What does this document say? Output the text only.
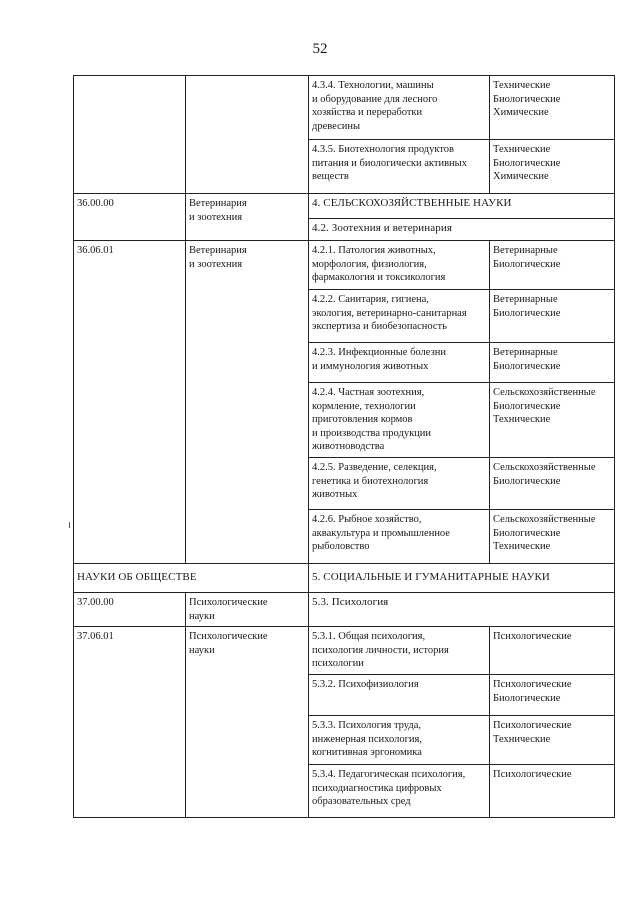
52

		4.3.4. Технологии, машины
и оборудование для лесного
хозяйства и переработки
древесины	Технические
Биологические
Химические

		4.3.5. Биотехнология продуктов
питания и биологически активных
веществ	Технические
Биологические
Химические

36.00.00	Ветеринария
и зоотехния	4. СЕЛЬСКОХОЗЯЙСТВЕННЫЕ НАУКИ	

		4.2. Зоотехния и ветеринария	

36.06.01	Ветеринария
и зоотехния	4.2.1. Патология животных,
морфология, физиология,
фармакология и токсикология	Ветеринарные
Биологические

		4.2.2. Санитария, гигиена,
экология, ветеринарно-санитарная
экспертиза и биобезопасность	Ветеринарные
Биологические

		4.2.3. Инфекционные болезни
и иммунология животных	Ветеринарные
Биологические

		4.2.4. Частная зоотехния,
кормление, технологии
приготовления кормов
и производства продукции
животноводства	Сельскохозяйственные
Биологические
Технические

		4.2.5. Разведение, селекция,
генетика и биотехнология
животных	Сельскохозяйственные
Биологические

		4.2.6. Рыбное хозяйство,
аквакультура и промышленное
рыболовство	Сельскохозяйственные
Биологические
Технические

НАУКИ ОБ ОБЩЕСТВЕ		5. СОЦИАЛЬНЫЕ И ГУМАНИТАРНЫЕ НАУКИ	

37.00.00	Психологические
науки	5.3. Психология	

37.06.01	Психологические
науки	5.3.1. Общая психология,
психология личности, история
психологии	Психологические

		5.3.2. Психофизиология	Психологические
Биологические

		5.3.3. Психология труда,
инженерная психология,
когнитивная эргономика	Психологические
Технические

		5.3.4. Педагогическая психология,
психодиагностика цифровых
образовательных сред	Психологические
